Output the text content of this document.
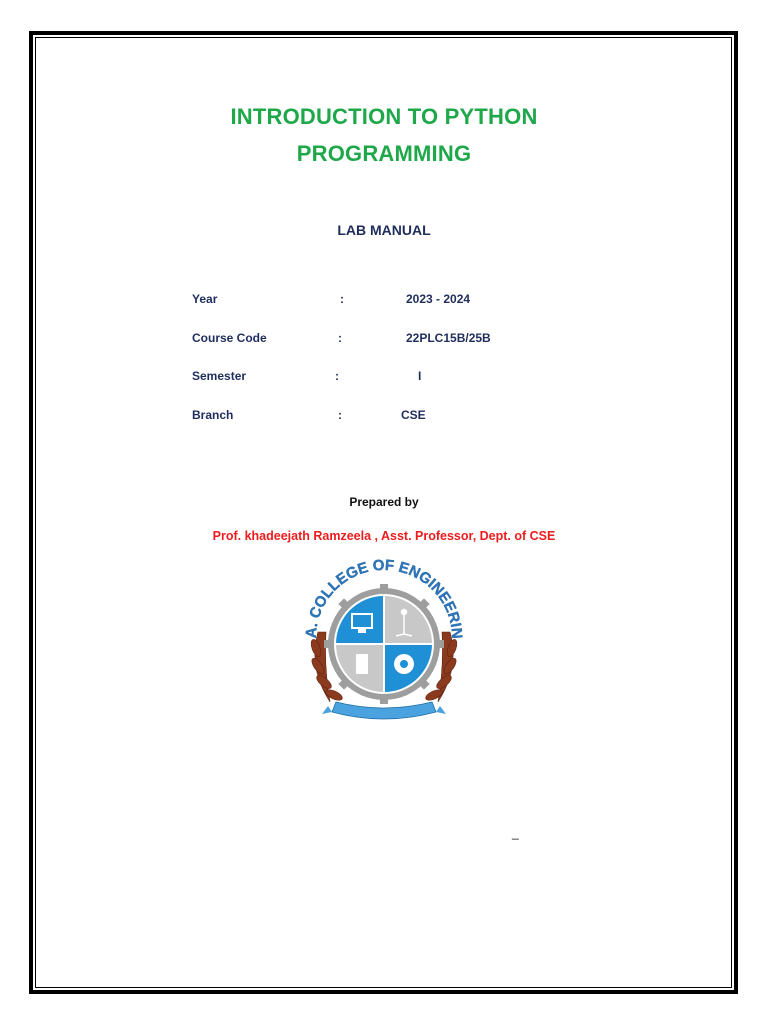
INTRODUCTION TO PYTHON
PROGRAMMING
LAB MANUAL
Year	:	2023 - 2024
Course Code	:	22PLC15B/25B
Semester	:	I
Branch	:	CSE

Prepared by

Prof. khadeejath Ramzeela , Asst. Professor, Dept. of CSE

A. COLLEGE OF ENGINEERIN
_
